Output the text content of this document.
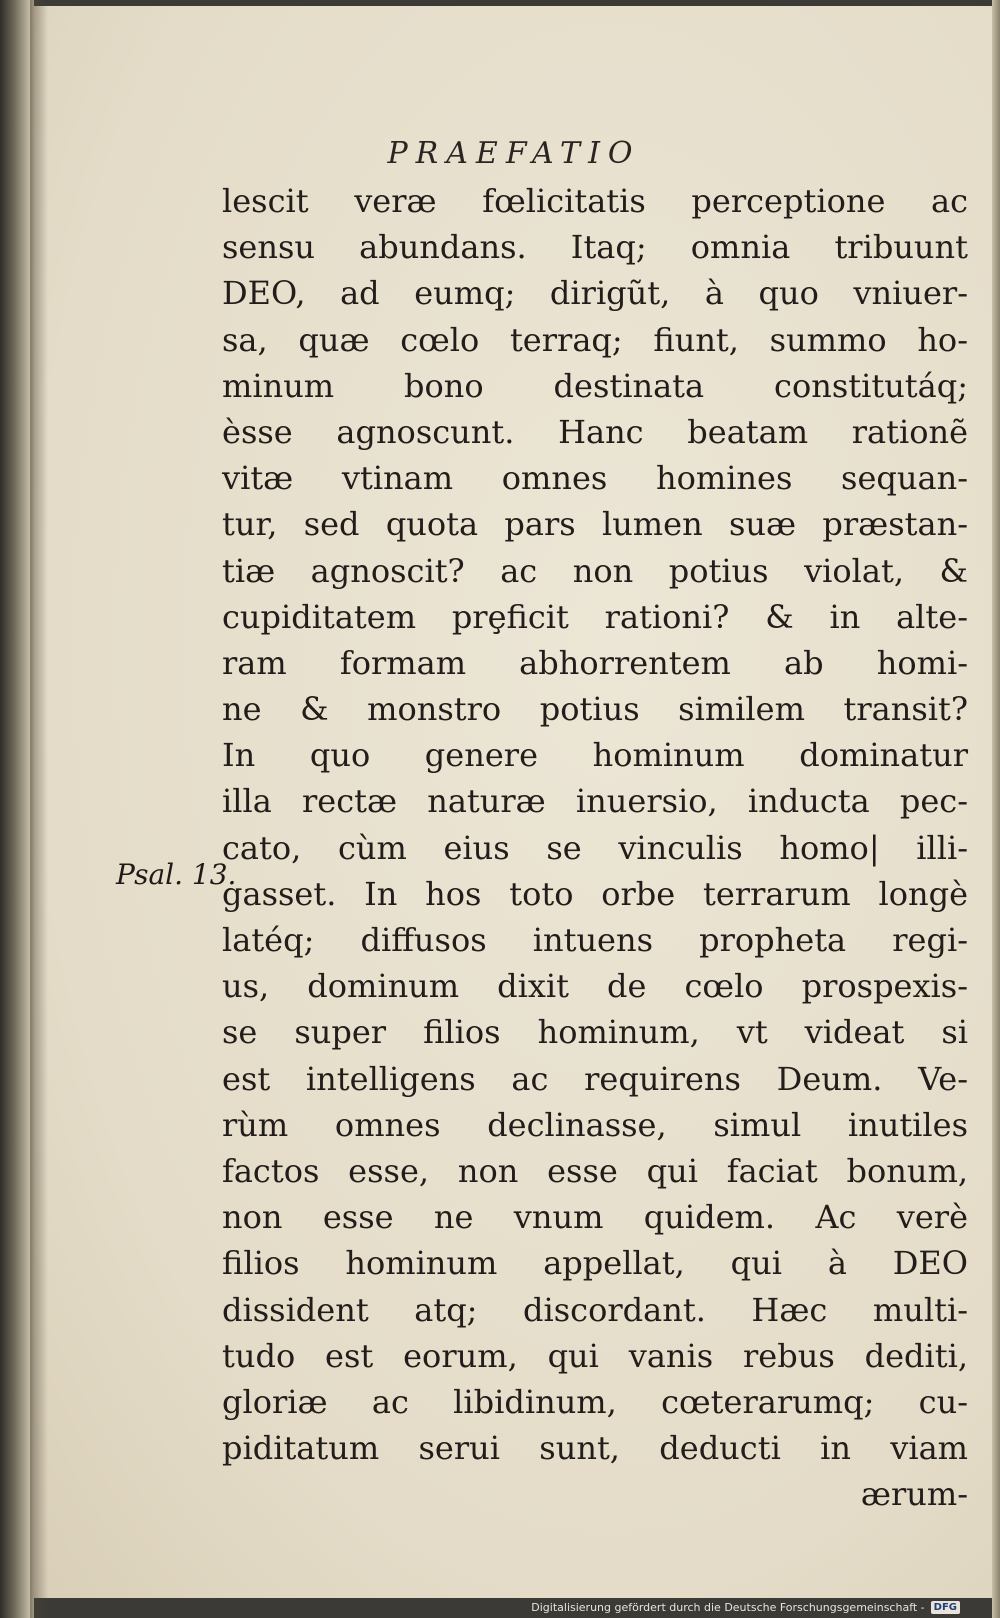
PRAEFATIO
Psal. 13.
lescit veræ fœlicitatis perceptione ac
sensu abundans. Itaq; omnia tribuunt
DEO, ad eumq; dirigũt, à quo vniuer-
sa, quæ cœlo terraq; fiunt, summo ho-
minum bono destinata constitutáq;
èsse agnoscunt. Hanc beatam rationẽ
vitæ vtinam omnes homines sequan-
tur, sed quota pars lumen suæ præstan-
tiæ agnoscit? ac non potius violat, &
cupiditatem prȩficit rationi? & in alte-
ram formam abhorrentem ab homi-
ne & monstro potius similem transit?
In quo genere hominum dominatur
illa rectæ naturæ inuersio, inducta pec-
cato, cùm eius se vinculis homo| illi-
gasset. In hos toto orbe terrarum longè
latéq; diffusos intuens propheta regi-
us, dominum dixit de cœlo prospexis-
se super filios hominum, vt videat si
est intelligens ac requirens Deum. Ve-
rùm omnes declinasse, simul inutiles
factos esse, non esse qui faciat bonum,
non esse ne vnum quidem. Ac verè
filios hominum appellat, qui à DEO
dissident atq; discordant. Hæc multi-
tudo est eorum, qui vanis rebus dediti,
gloriæ ac libidinum, cœterarumq; cu-
piditatum serui sunt, deducti in viam
ærum-
Digitalisierung gefördert durch die Deutsche Forschungsgemeinschaft - DFG
